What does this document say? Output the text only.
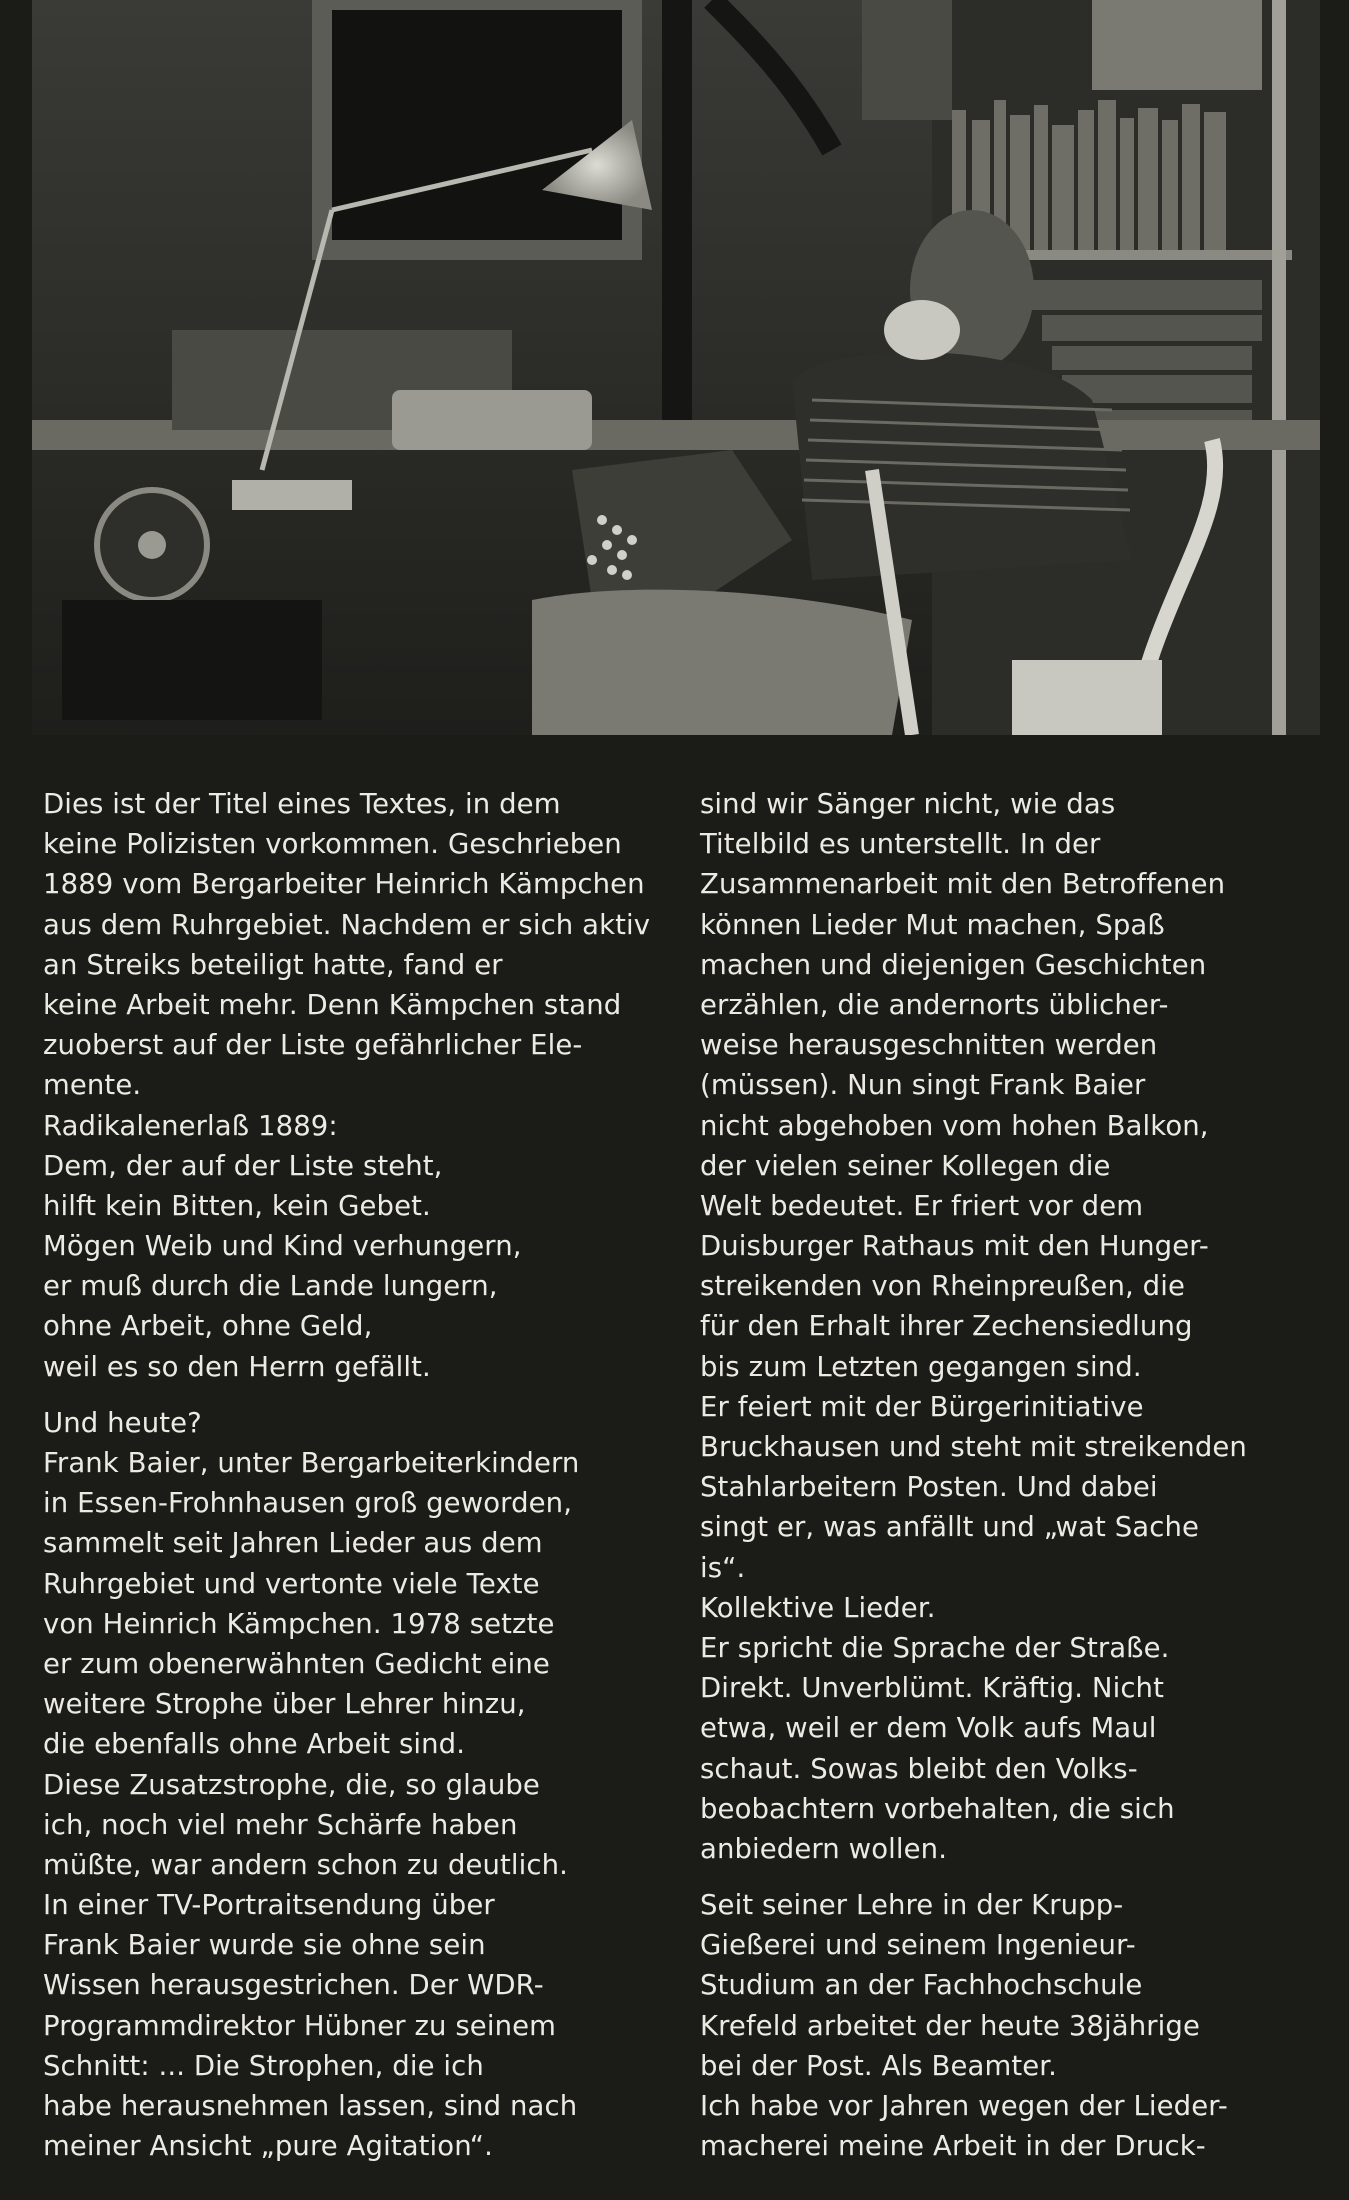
Dies ist der Titel eines Textes, in dem
keine Polizisten vorkommen. Geschrieben
1889 vom Bergarbeiter Heinrich Kämpchen
aus dem Ruhrgebiet. Nachdem er sich aktiv
an Streiks beteiligt hatte, fand er
keine Arbeit mehr. Denn Kämpchen stand
zuoberst auf der Liste gefährlicher Ele-
mente.
Radikalenerlaß 1889:
Dem, der auf der Liste steht,
hilft kein Bitten, kein Gebet.
Mögen Weib und Kind verhungern,
er muß durch die Lande lungern,
ohne Arbeit, ohne Geld,
weil es so den Herrn gefällt.
Und heute?
Frank Baier, unter Bergarbeiterkindern
in Essen-Frohnhausen groß geworden,
sammelt seit Jahren Lieder aus dem
Ruhrgebiet und vertonte viele Texte
von Heinrich Kämpchen. 1978 setzte
er zum obenerwähnten Gedicht eine
weitere Strophe über Lehrer hinzu,
die ebenfalls ohne Arbeit sind.
Diese Zusatzstrophe, die, so glaube
ich, noch viel mehr Schärfe haben
müßte, war andern schon zu deutlich.
In einer TV-Portraitsendung über
Frank Baier wurde sie ohne sein
Wissen herausgestrichen. Der WDR-
Programmdirektor Hübner zu seinem
Schnitt: ... Die Strophen, die ich
habe herausnehmen lassen, sind nach
meiner Ansicht „pure Agitation“.
sind wir Sänger nicht, wie das
Titelbild es unterstellt. In der
Zusammenarbeit mit den Betroffenen
können Lieder Mut machen, Spaß
machen und diejenigen Geschichten
erzählen, die andernorts üblicher-
weise herausgeschnitten werden
(müssen). Nun singt Frank Baier
nicht abgehoben vom hohen Balkon,
der vielen seiner Kollegen die
Welt bedeutet. Er friert vor dem
Duisburger Rathaus mit den Hunger-
streikenden von Rheinpreußen, die
für den Erhalt ihrer Zechensiedlung
bis zum Letzten gegangen sind.
Er feiert mit der Bürgerinitiative
Bruckhausen und steht mit streikenden
Stahlarbeitern Posten. Und dabei
singt er, was anfällt und „wat Sache
is“.
Kollektive Lieder.
Er spricht die Sprache der Straße.
Direkt. Unverblümt. Kräftig. Nicht
etwa, weil er dem Volk aufs Maul
schaut. Sowas bleibt den Volks-
beobachtern vorbehalten, die sich
anbiedern wollen.
Seit seiner Lehre in der Krupp-
Gießerei und seinem Ingenieur-
Studium an der Fachhochschule
Krefeld arbeitet der heute 38jährige
bei der Post. Als Beamter.
Ich habe vor Jahren wegen der Lieder-
macherei meine Arbeit in der Druck-
